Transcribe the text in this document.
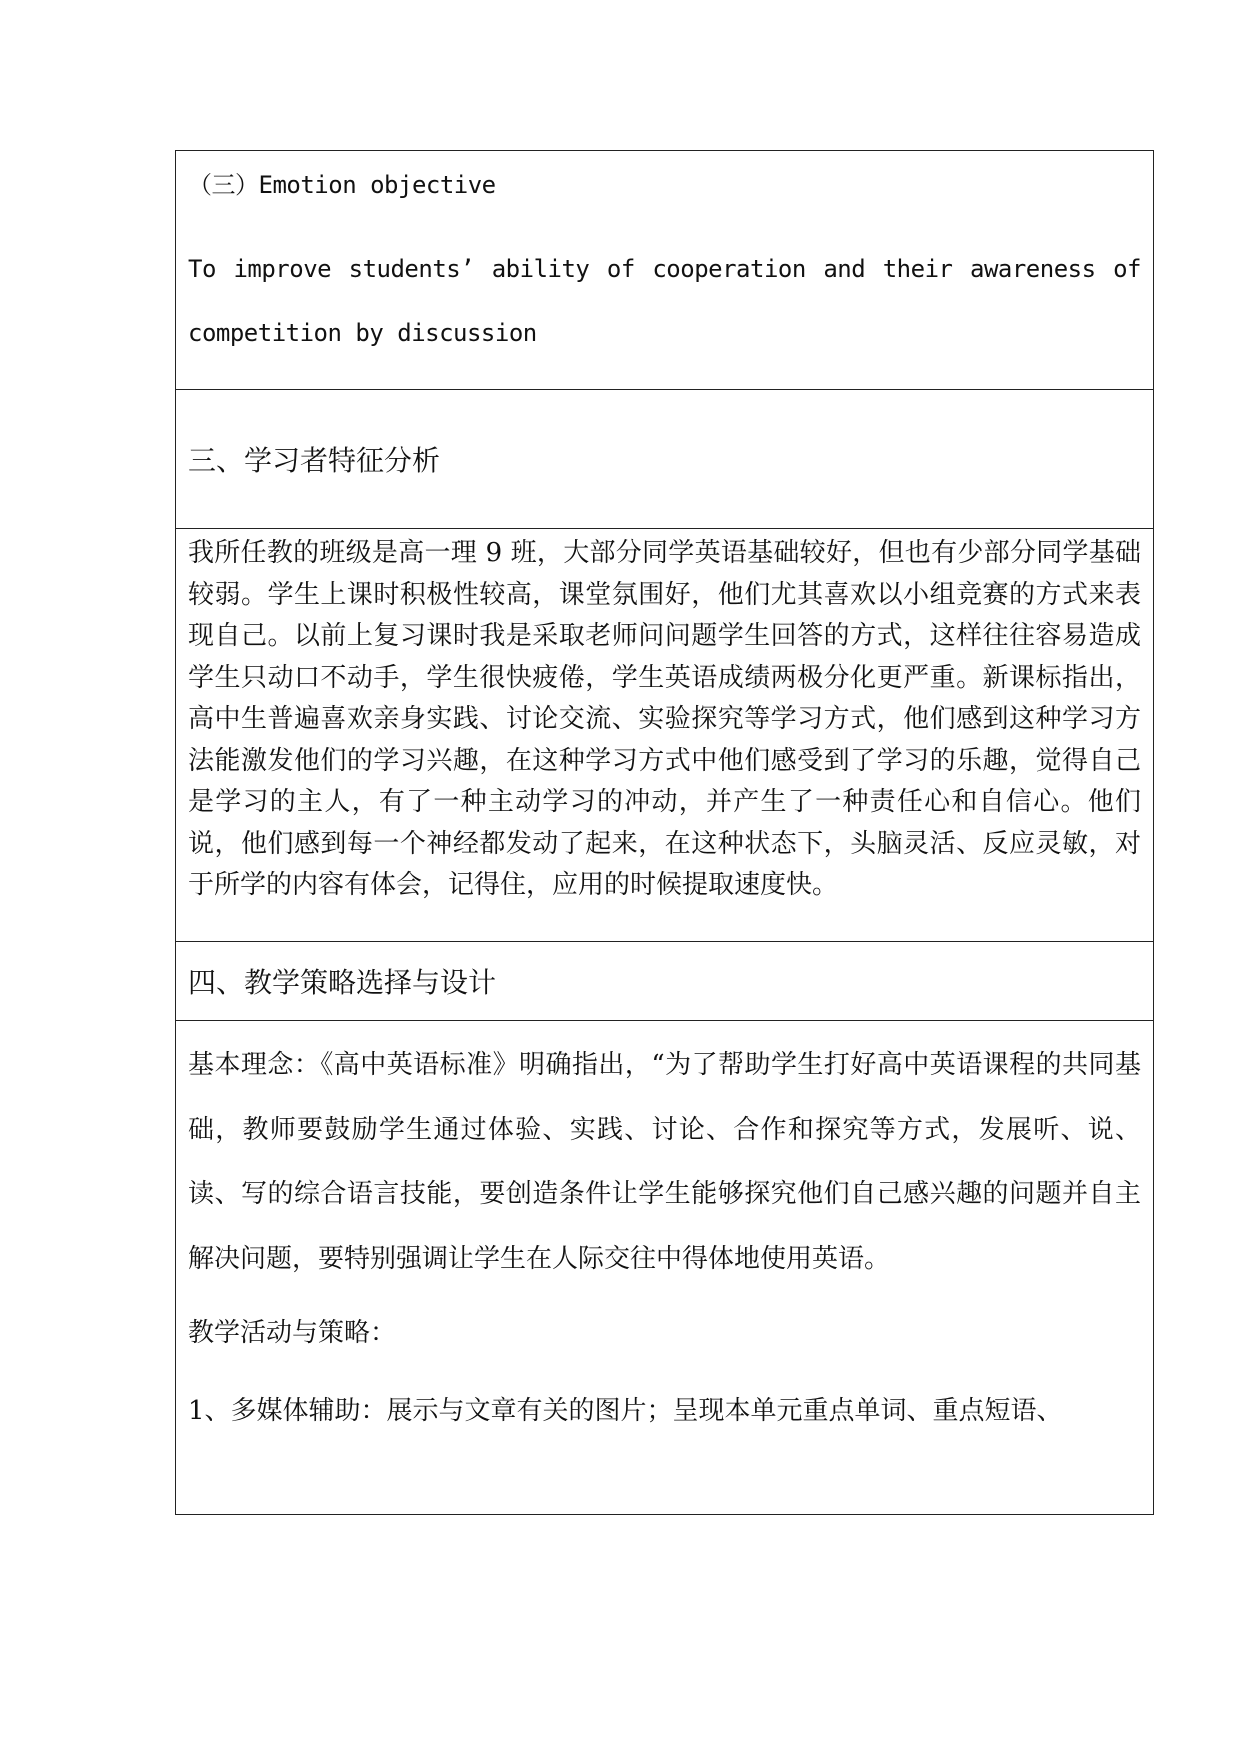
（三）Emotion objective
To improve students’ ability of cooperation and their awareness of
competition by discussion
三、学习者特征分析
我所任教的班级是高一理 9 班，大部分同学英语基础较好，但也有少部分同学基础较弱。学生上课时积极性较高，课堂氛围好，他们尤其喜欢以小组竞赛的方式来表现自己。以前上复习课时我是采取老师问问题学生回答的方式，这样往往容易造成学生只动口不动手，学生很快疲倦，学生英语成绩两极分化更严重。新课标指出，高中生普遍喜欢亲身实践、讨论交流、实验探究等学习方式，他们感到这种学习方法能激发他们的学习兴趣，在这种学习方式中他们感受到了学习的乐趣，觉得自己是学习的主人，有了一种主动学习的冲动，并产生了一种责任心和自信心。他们说，他们感到每一个神经都发动了起来，在这种状态下，头脑灵活、反应灵敏，对于所学的内容有体会，记得住，应用的时候提取速度快。
四、教学策略选择与设计
基本理念：《高中英语标准》明确指出，“为了帮助学生打好高中英语课程的共同基础，教师要鼓励学生通过体验、实践、讨论、合作和探究等方式，发展听、说、读、写的综合语言技能，要创造条件让学生能够探究他们自己感兴趣的问题并自主解决问题，要特别强调让学生在人际交往中得体地使用英语。
教学活动与策略：
1、多媒体辅助：展示与文章有关的图片；呈现本单元重点单词、重点短语、
